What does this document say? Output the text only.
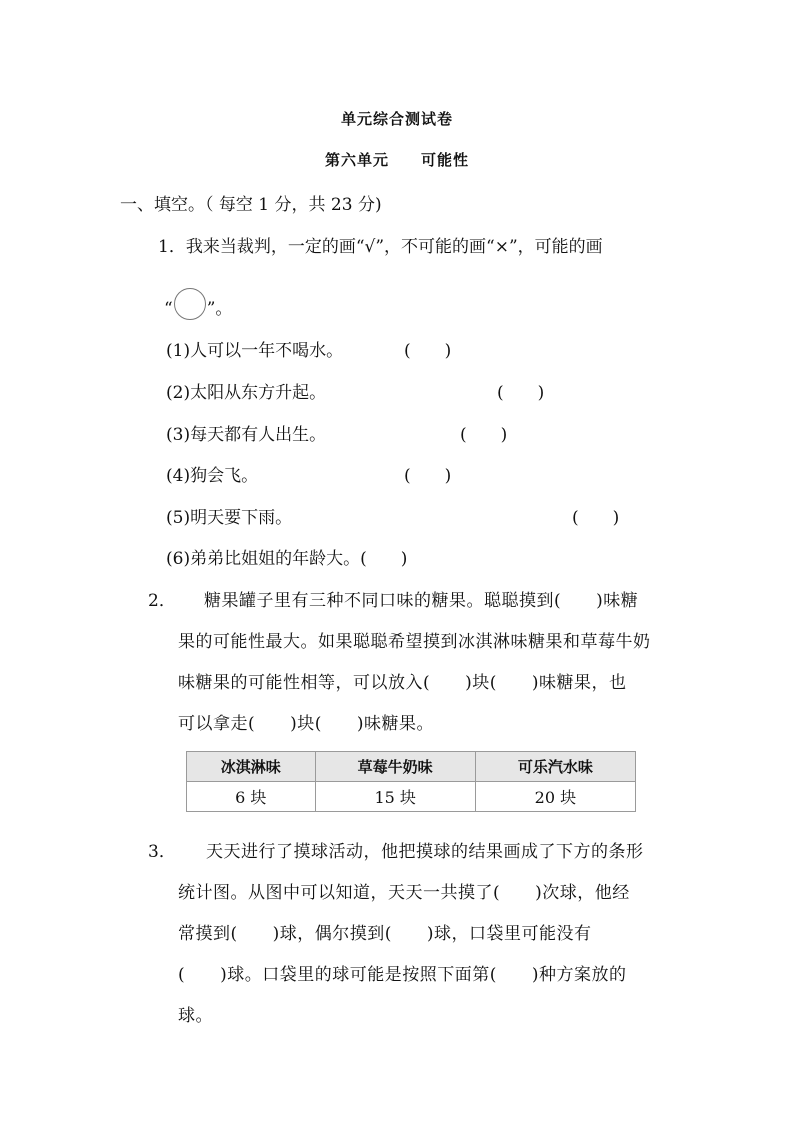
单元综合测试卷
第六单元　　可能性
一、填空。（ 每空 1 分，共 23 分)
1．我来当裁判，一定的画“√”，不可能的画“×”，可能的画
“ ”。
(1)人可以一年不喝水。	(　　)
(2)太阳从东方升起。	(　　)
(3)每天都有人出生。	(　　)
(4)狗会飞。	(　　)
(5)明天要下雨。	(　　)
(6)弟弟比姐姐的年龄大。(　　)
2． 糖果罐子里有三种不同口味的糖果。聪聪摸到(　　)味糖
果的可能性最大。如果聪聪希望摸到冰淇淋味糖果和草莓牛奶
味糖果的可能性相等，可以放入(　　)块(　　)味糖果，也
可以拿走(　　)块(　　)味糖果。
冰淇淋味	草莓牛奶味	可乐汽水味
6 块	15 块	20 块
3． 天天进行了摸球活动，他把摸球的结果画成了下方的条形
统计图。从图中可以知道，天天一共摸了(　　)次球，他经
常摸到(　　)球，偶尔摸到(　　)球，口袋里可能没有
(　　)球。口袋里的球可能是按照下面第(　　)种方案放的
球。
